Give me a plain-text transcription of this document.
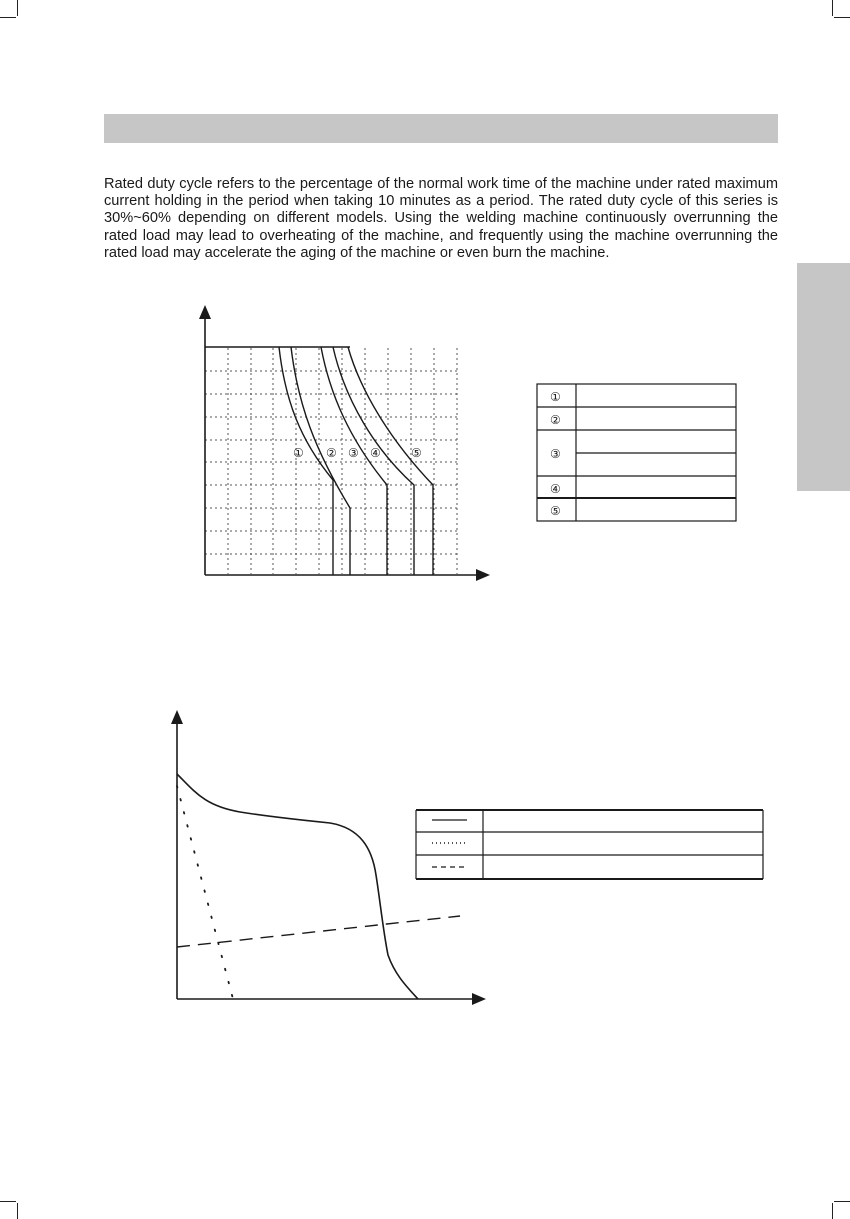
Rated duty cycle refers to the percentage of the normal work time of the machine under rated maximum current holding in the period when taking 10 minutes as a period. The rated duty cycle of this series is 30%~60% depending on different models. Using the welding machine continuously overrunning the rated load may lead to overheating of the machine, and frequently using the machine overrunning the rated load may accelerate the aging of the machine or even burn the machine.

① ② ③ ④	⑤
①
②
③
④
⑤
